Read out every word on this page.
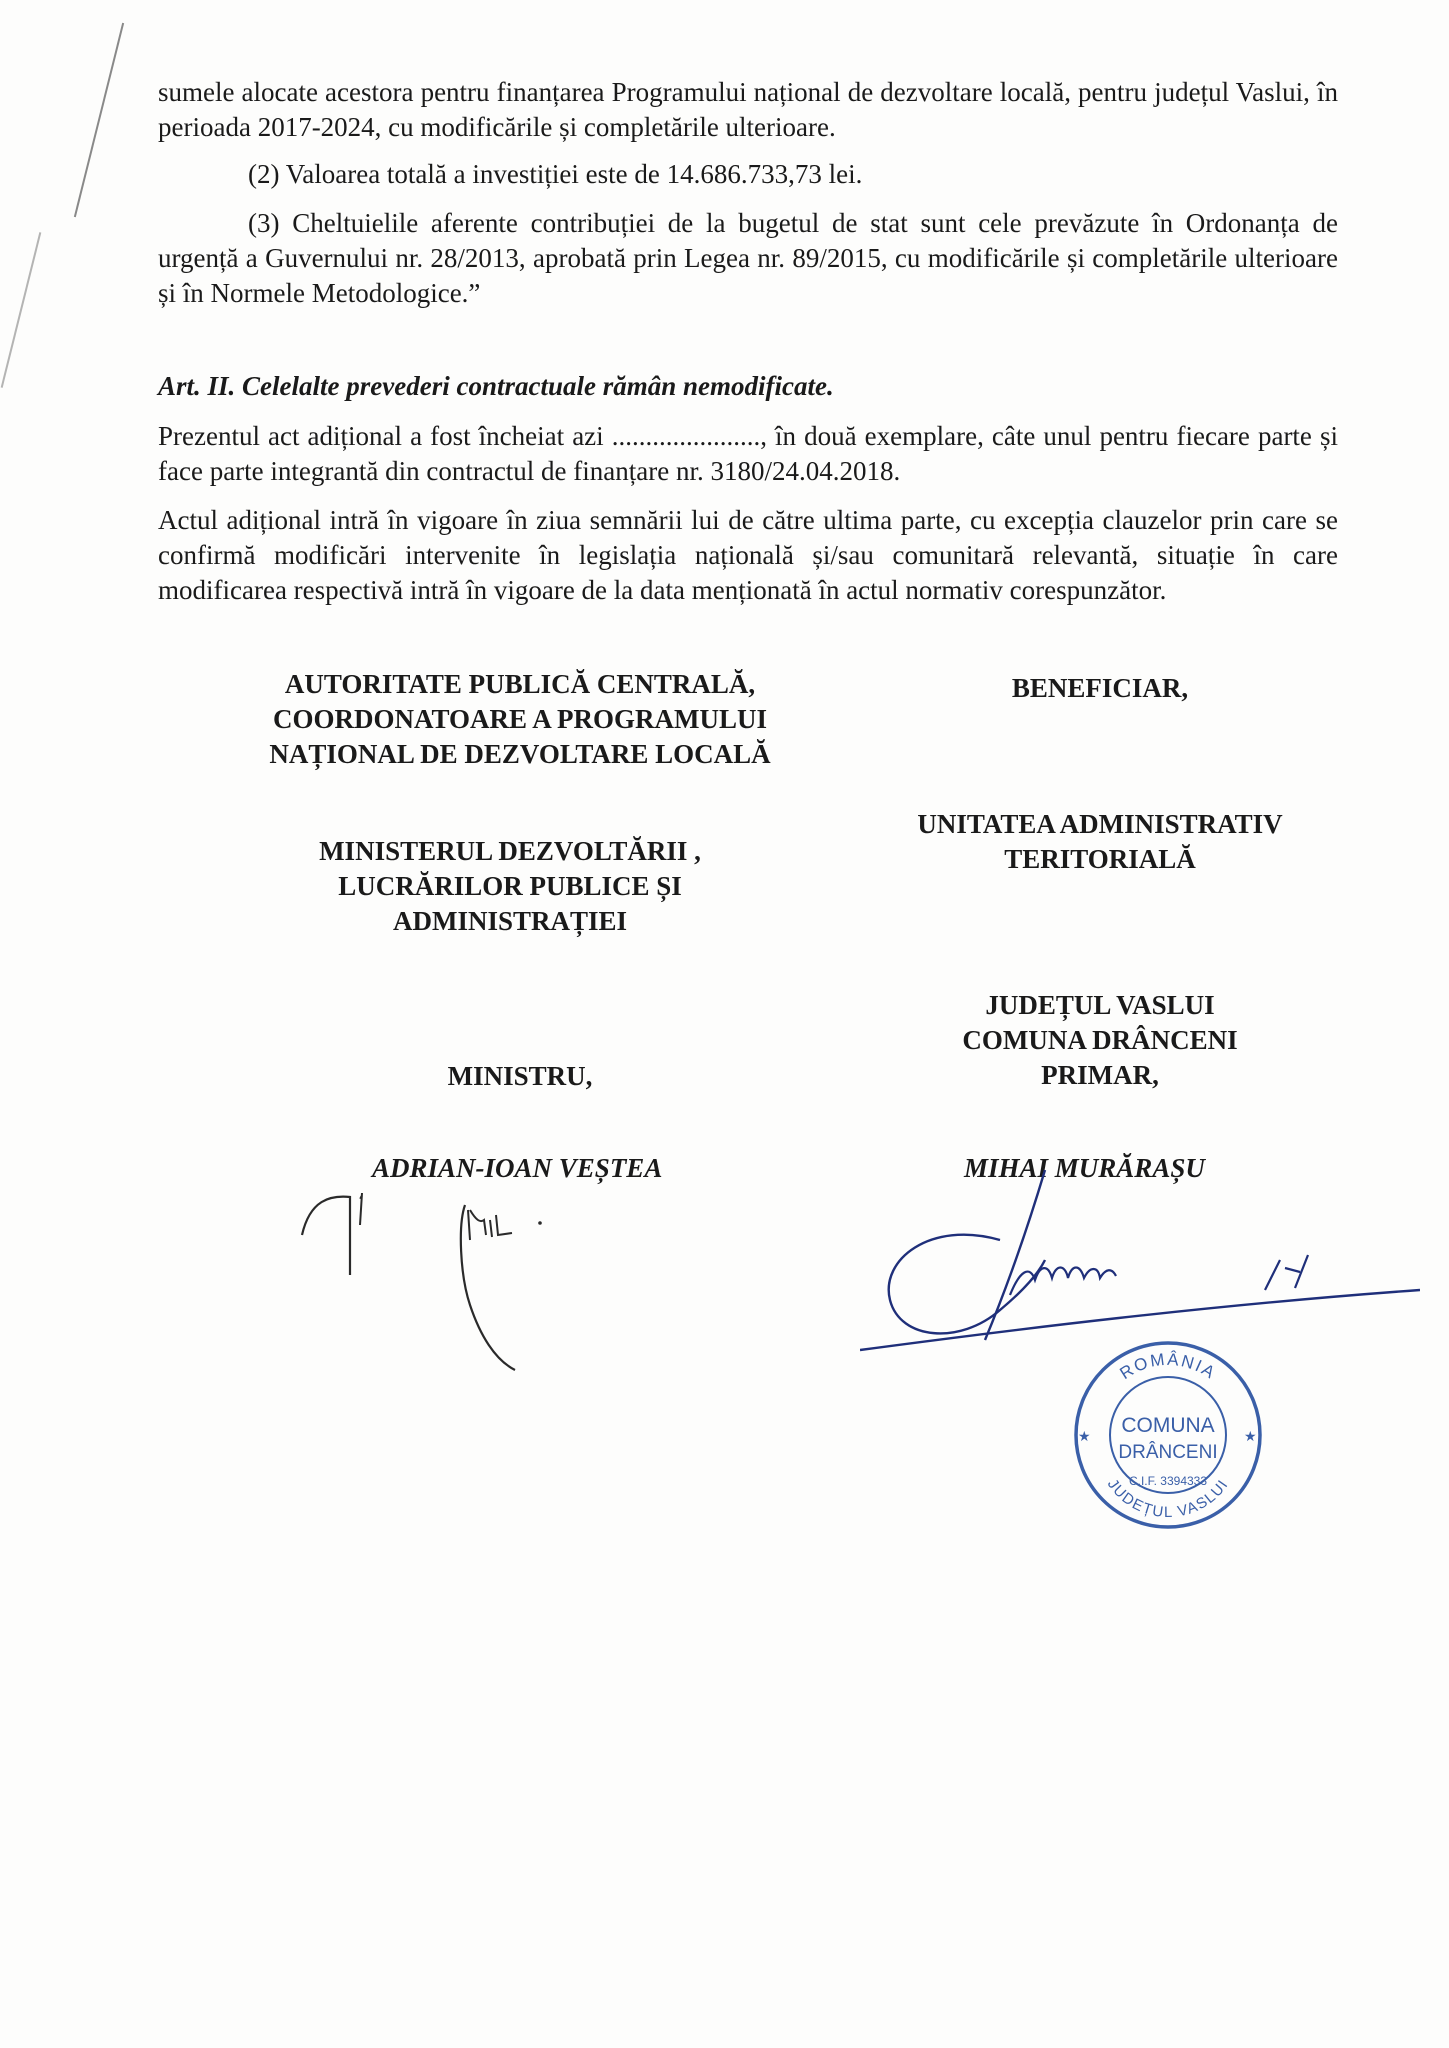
sumele alocate acestora pentru finanțarea Programului național de dezvoltare locală, pentru județul Vaslui, în perioada 2017-2024, cu modificările și completările ulterioare.

(2) Valoarea totală a investiției este de 14.686.733,73 lei.

(3) Cheltuielile aferente contribuției de la bugetul de stat sunt cele prevăzute în Ordonanța de urgență a Guvernului nr. 28/2013, aprobată prin Legea nr. 89/2015, cu modificările și completările ulterioare și în Normele Metodologice.”

Art. II. Celelalte prevederi contractuale rămân nemodificate.

Prezentul act adițional a fost încheiat azi ......................, în două exemplare, câte unul pentru fiecare parte și face parte integrantă din contractul de finanțare nr. 3180/24.04.2018.

Actul adițional intră în vigoare în ziua semnării lui de către ultima parte, cu excepția clauzelor prin care se confirmă modificări intervenite în legislația națională și/sau comunitară relevantă, situație în care modificarea respectivă intră în vigoare de la data menționată în actul normativ corespunzător.

AUTORITATE PUBLICĂ CENTRALĂ,
COORDONATOARE A PROGRAMULUI
NAȚIONAL DE DEZVOLTARE LOCALĂ
MINISTERUL DEZVOLTĂRII ,
LUCRĂRILOR PUBLICE ȘI
ADMINISTRAȚIEI
MINISTRU,
ADRIAN-IOAN VEȘTEA
BENEFICIAR,
UNITATEA ADMINISTRATIV
TERITORIALĂ
JUDEȚUL VASLUI
COMUNA DRÂNCENI
PRIMAR,
MIHAI MURĂRAȘU
ROMÂNIA
JUDEȚUL VASLUI
COMUNA
DRÂNCENI
C.I.F. 3394333
★	★
